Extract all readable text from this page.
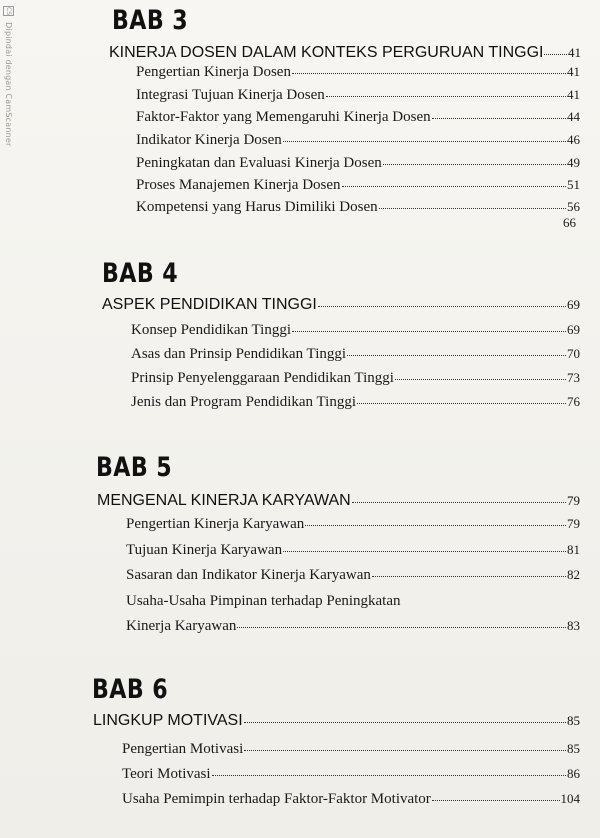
CS Dipindai dengan CamScanner
BAB 3
KINERJA DOSEN DALAM KONTEKS PERGURUAN TINGGI 41
Pengertian Kinerja Dosen	41
Integrasi Tujuan Kinerja Dosen	41
Faktor-Faktor yang Memengaruhi Kinerja Dosen	44
Indikator Kinerja Dosen	46
Peningkatan dan Evaluasi Kinerja Dosen	49
Proses Manajemen Kinerja Dosen	51
Kompetensi yang Harus Dimiliki Dosen	56
66
BAB 4
ASPEK PENDIDIKAN TINGGI	69
Konsep Pendidikan Tinggi	69
Asas dan Prinsip Pendidikan Tinggi	70
Prinsip Penyelenggaraan Pendidikan Tinggi	73
Jenis dan Program Pendidikan Tinggi	76
BAB 5
MENGENAL KINERJA KARYAWAN	79
Pengertian Kinerja Karyawan	79
Tujuan Kinerja Karyawan	81
Sasaran dan Indikator Kinerja Karyawan	82
Usaha-Usaha Pimpinan terhadap Peningkatan
Kinerja Karyawan	83
BAB 6
LINGKUP MOTIVASI	85
Pengertian Motivasi	85
Teori Motivasi	86
Usaha Pemimpin terhadap Faktor-Faktor Motivator	104
